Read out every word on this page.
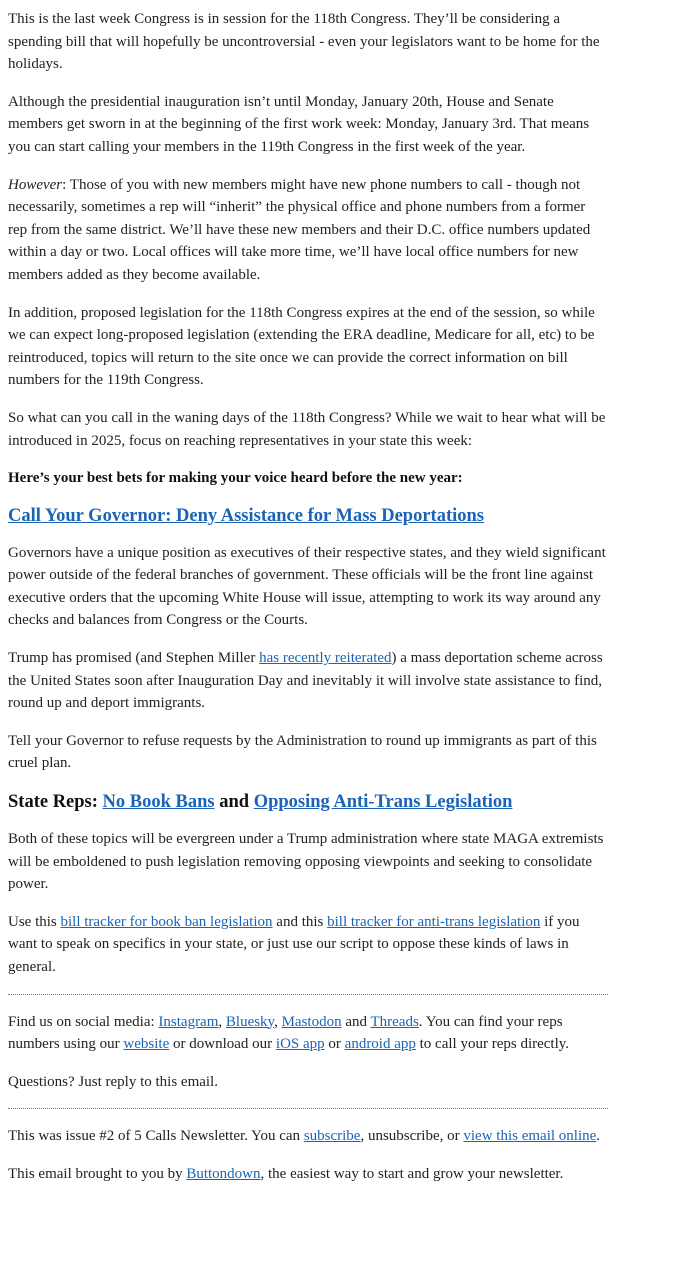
This is the last week Congress is in session for the 118th Congress. They’ll be considering a spending bill that will hopefully be uncontroversial - even your legislators want to be home for the holidays.

Although the presidential inauguration isn’t until Monday, January 20th, House and Senate members get sworn in at the beginning of the first work week: Monday, January 3rd. That means you can start calling your members in the 119th Congress in the first week of the year.

However: Those of you with new members might have new phone numbers to call - though not necessarily, sometimes a rep will “inherit” the physical office and phone numbers from a former rep from the same district. We’ll have these new members and their D.C. office numbers updated within a day or two. Local offices will take more time, we’ll have local office numbers for new members added as they become available.

In addition, proposed legislation for the 118th Congress expires at the end of the session, so while we can expect long-proposed legislation (extending the ERA deadline, Medicare for all, etc) to be reintroduced, topics will return to the site once we can provide the correct information on bill numbers for the 119th Congress.

So what can you call in the waning days of the 118th Congress? While we wait to hear what will be introduced in 2025, focus on reaching representatives in your state this week:

Here’s your best bets for making your voice heard before the new year:

Call Your Governor: Deny Assistance for Mass Deportations

Governors have a unique position as executives of their respective states, and they wield significant power outside of the federal branches of government. These officials will be the front line against executive orders that the upcoming White House will issue, attempting to work its way around any checks and balances from Congress or the Courts.

Trump has promised (and Stephen Miller has recently reiterated) a mass deportation scheme across the United States soon after Inauguration Day and inevitably it will involve state assistance to find, round up and deport immigrants.

Tell your Governor to refuse requests by the Administration to round up immigrants as part of this cruel plan.

State Reps: No Book Bans and Opposing Anti-Trans Legislation

Both of these topics will be evergreen under a Trump administration where state MAGA extremists will be emboldened to push legislation removing opposing viewpoints and seeking to consolidate power.

Use this bill tracker for book ban legislation and this bill tracker for anti-trans legislation if you want to speak on specifics in your state, or just use our script to oppose these kinds of laws in general.

Find us on social media: Instagram, Bluesky, Mastodon and Threads. You can find your reps numbers using our website or download our iOS app or android app to call your reps directly.

Questions? Just reply to this email.

This was issue #2 of 5 Calls Newsletter. You can subscribe, unsubscribe, or view this email online.

This email brought to you by Buttondown, the easiest way to start and grow your newsletter.
